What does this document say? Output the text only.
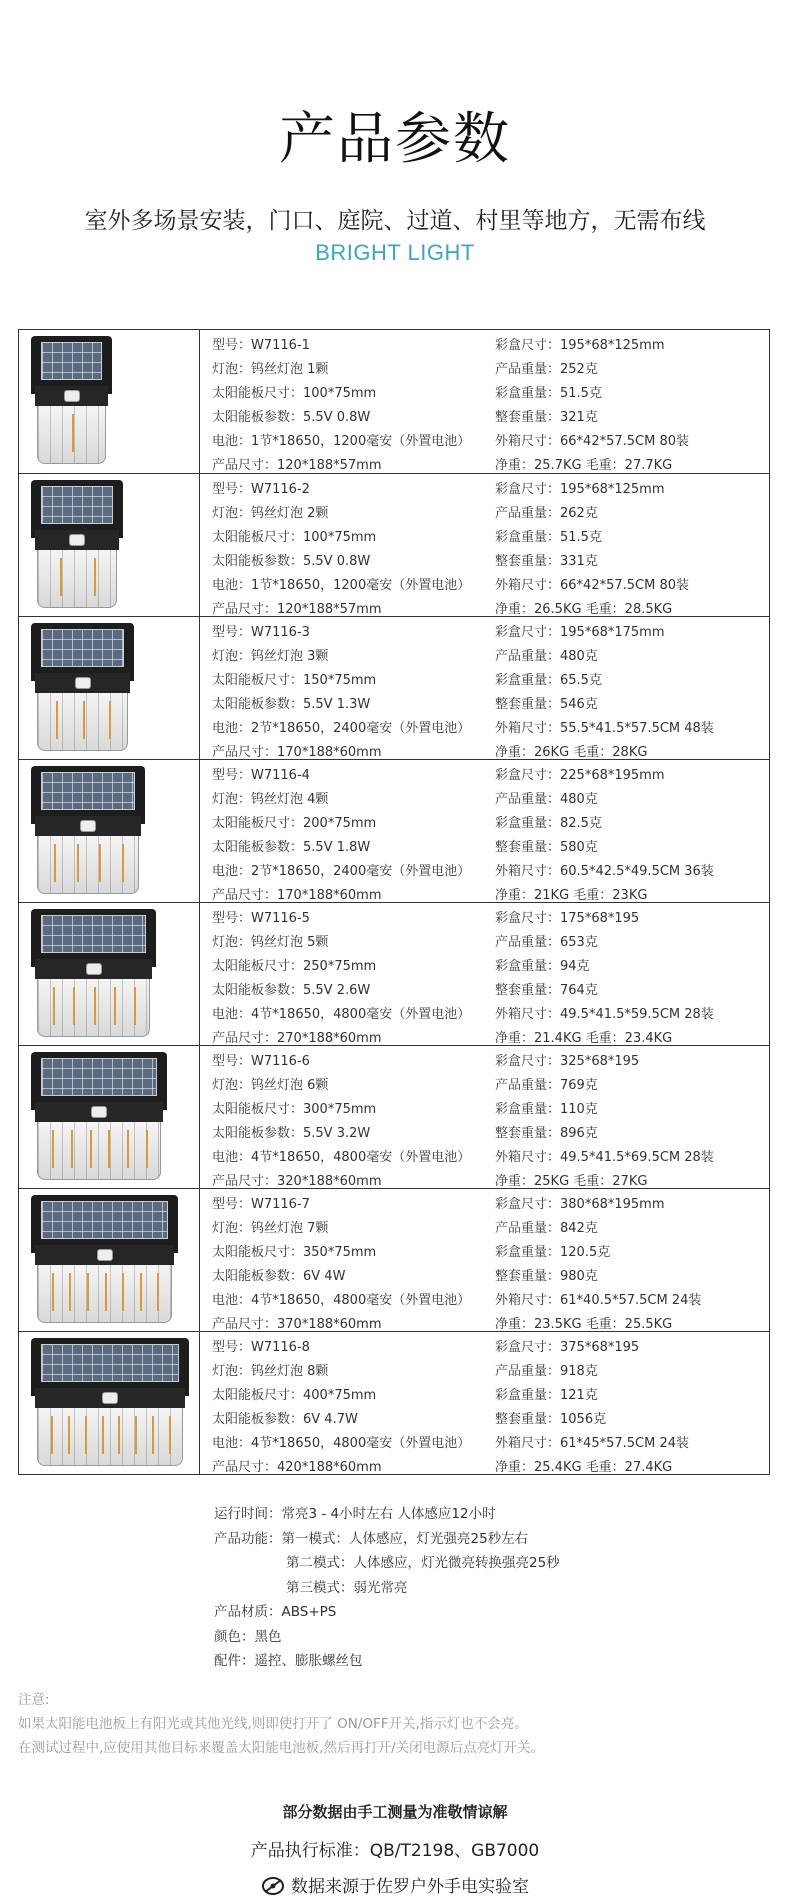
产品参数
室外多场景安装，门口、庭院、过道、村里等地方，无需布线
BRIGHT LIGHT
型号：W7116-1
灯泡：钨丝灯泡 1颗
太阳能板尺寸：100*75mm
太阳能板参数：5.5V 0.8W
电池：1节*18650，1200毫安（外置电池）
产品尺寸：120*188*57mm
彩盒尺寸：195*68*125mm
产品重量：252克
彩盒重量：51.5克
整套重量：321克
外箱尺寸：66*42*57.5CM 80装
净重：25.7KG 毛重：27.7KG
型号：W7116-2
灯泡：钨丝灯泡 2颗
太阳能板尺寸：100*75mm
太阳能板参数：5.5V 0.8W
电池：1节*18650，1200毫安（外置电池）
产品尺寸：120*188*57mm
彩盒尺寸：195*68*125mm
产品重量：262克
彩盒重量：51.5克
整套重量：331克
外箱尺寸：66*42*57.5CM 80装
净重：26.5KG 毛重：28.5KG
型号：W7116-3
灯泡：钨丝灯泡 3颗
太阳能板尺寸：150*75mm
太阳能板参数：5.5V 1.3W
电池：2节*18650，2400毫安（外置电池）
产品尺寸：170*188*60mm
彩盒尺寸：195*68*175mm
产品重量：480克
彩盒重量：65.5克
整套重量：546克
外箱尺寸：55.5*41.5*57.5CM 48装
净重：26KG 毛重：28KG
型号：W7116-4
灯泡：钨丝灯泡 4颗
太阳能板尺寸：200*75mm
太阳能板参数：5.5V 1.8W
电池：2节*18650，2400毫安（外置电池）
产品尺寸：170*188*60mm
彩盒尺寸：225*68*195mm
产品重量：480克
彩盒重量：82.5克
整套重量：580克
外箱尺寸：60.5*42.5*49.5CM 36装
净重：21KG 毛重：23KG
型号：W7116-5
灯泡：钨丝灯泡 5颗
太阳能板尺寸：250*75mm
太阳能板参数：5.5V 2.6W
电池：4节*18650，4800毫安（外置电池）
产品尺寸：270*188*60mm
彩盒尺寸：175*68*195
产品重量：653克
彩盒重量：94克
整套重量：764克
外箱尺寸：49.5*41.5*59.5CM 28装
净重：21.4KG 毛重：23.4KG
型号：W7116-6
灯泡：钨丝灯泡 6颗
太阳能板尺寸：300*75mm
太阳能板参数：5.5V 3.2W
电池：4节*18650，4800毫安（外置电池）
产品尺寸：320*188*60mm
彩盒尺寸：325*68*195
产品重量：769克
彩盒重量：110克
整套重量：896克
外箱尺寸：49.5*41.5*69.5CM 28装
净重：25KG 毛重：27KG
型号：W7116-7
灯泡：钨丝灯泡 7颗
太阳能板尺寸：350*75mm
太阳能板参数：6V 4W
电池：4节*18650，4800毫安（外置电池）
产品尺寸：370*188*60mm
彩盒尺寸：380*68*195mm
产品重量：842克
彩盒重量：120.5克
整套重量：980克
外箱尺寸：61*40.5*57.5CM 24装
净重：23.5KG 毛重：25.5KG
型号：W7116-8
灯泡：钨丝灯泡 8颗
太阳能板尺寸：400*75mm
太阳能板参数：6V 4.7W
电池：4节*18650，4800毫安（外置电池）
产品尺寸：420*188*60mm
彩盒尺寸：375*68*195
产品重量：918克
彩盒重量：121克
整套重量：1056克
外箱尺寸：61*45*57.5CM 24装
净重：25.4KG 毛重：27.4KG
运行时间：常亮3 - 4小时左右 人体感应12小时
产品功能：第一模式：人体感应，灯光强亮25秒左右
第二模式：人体感应，灯光微亮转换强亮25秒
第三模式：弱光常亮
产品材质：ABS+PS
颜色：黑色
配件：遥控、膨胀螺丝包
注意:
如果太阳能电池板上有阳光或其他光线,则即使打开了 ON/OFF开关,指示灯也不会亮。
在测试过程中,应使用其他目标来覆盖太阳能电池板,然后再打开/关闭电源后点亮灯开关。
部分数据由手工测量为准敬情谅解
产品执行标准：QB/T2198、GB7000
数据来源于佐罗户外手电实验室
